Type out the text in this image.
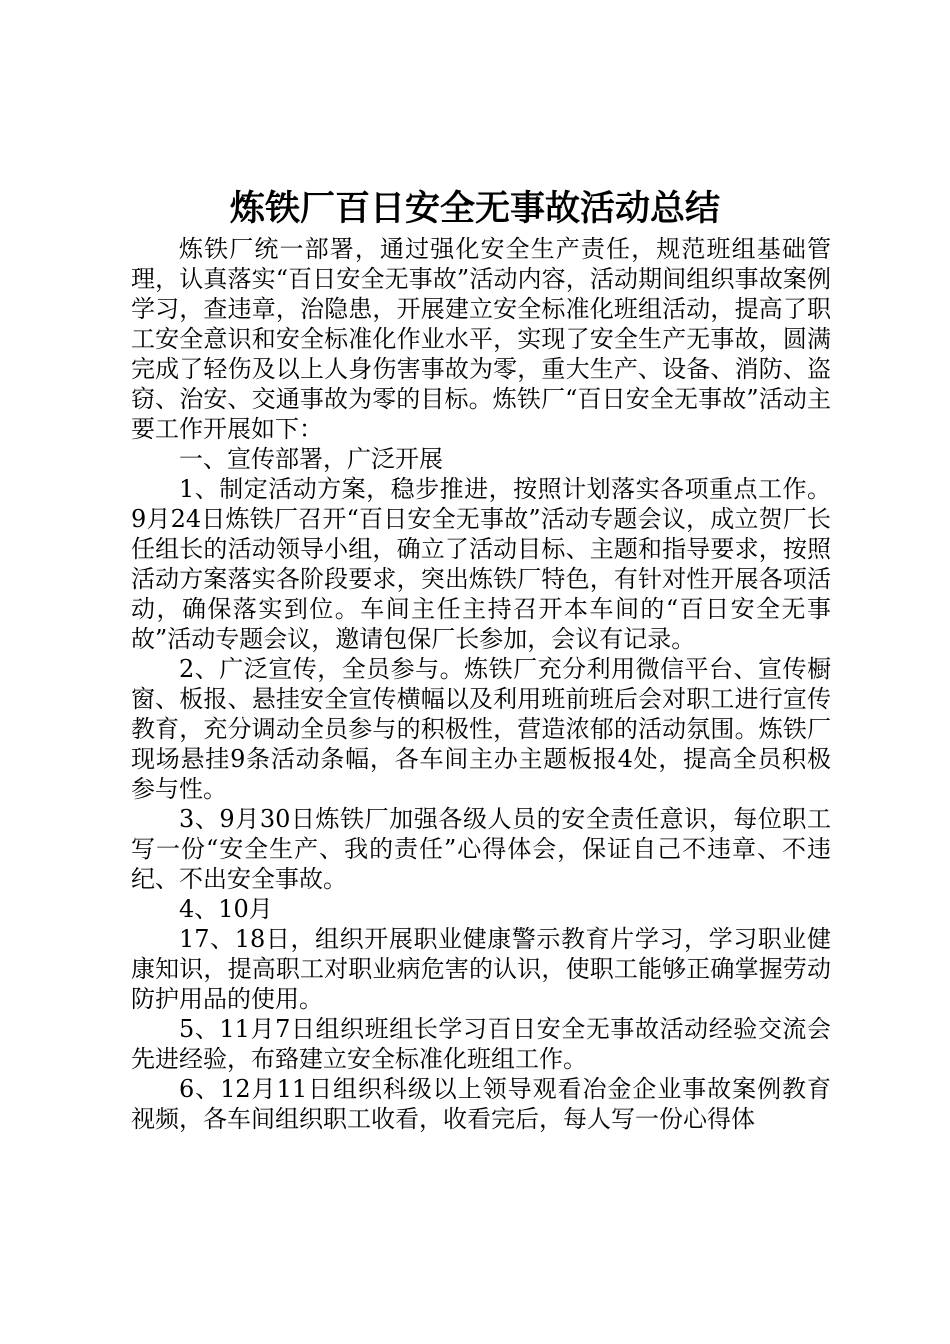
炼铁厂百日安全无事故活动总结

炼铁厂统一部署，通过强化安全生产责任，规范班组基础管理，认真落实“百日安全无事故”活动内容，活动期间组织事故案例学习，查违章，治隐患，开展建立安全标准化班组活动，提高了职工安全意识和安全标准化作业水平，实现了安全生产无事故，圆满完成了轻伤及以上人身伤害事故为零，重大生产、设备、消防、盗窃、治安、交通事故为零的目标。炼铁厂“百日安全无事故”活动主要工作开展如下：

一、宣传部署，广泛开展

1、制定活动方案，稳步推进，按照计划落实各项重点工作。9月24日炼铁厂召开“百日安全无事故”活动专题会议，成立贺厂长任组长的活动领导小组，确立了活动目标、主题和指导要求，按照活动方案落实各阶段要求，突出炼铁厂特色，有针对性开展各项活动，确保落实到位。车间主任主持召开本车间的“百日安全无事故”活动专题会议，邀请包保厂长参加，会议有记录。

2、广泛宣传，全员参与。炼铁厂充分利用微信平台、宣传橱窗、板报、悬挂安全宣传横幅以及利用班前班后会对职工进行宣传教育，充分调动全员参与的积极性，营造浓郁的活动氛围。炼铁厂现场悬挂9条活动条幅，各车间主办主题板报4处，提高全员积极参与性。

3、9月30日炼铁厂加强各级人员的安全责任意识，每位职工写一份“安全生产、我的责任”心得体会，保证自己不违章、不违纪、不出安全事故。

4、10月

17、18日，组织开展职业健康警示教育片学习，学习职业健康知识，提高职工对职业病危害的认识，使职工能够正确掌握劳动防护用品的使用。

5、11月7日组织班组长学习百日安全无事故活动经验交流会先进经验，布臵建立安全标准化班组工作。

6、12月11日组织科级以上领导观看冶金企业事故案例教育视频，各车间组织职工收看，收看完后，每人写一份心得体
